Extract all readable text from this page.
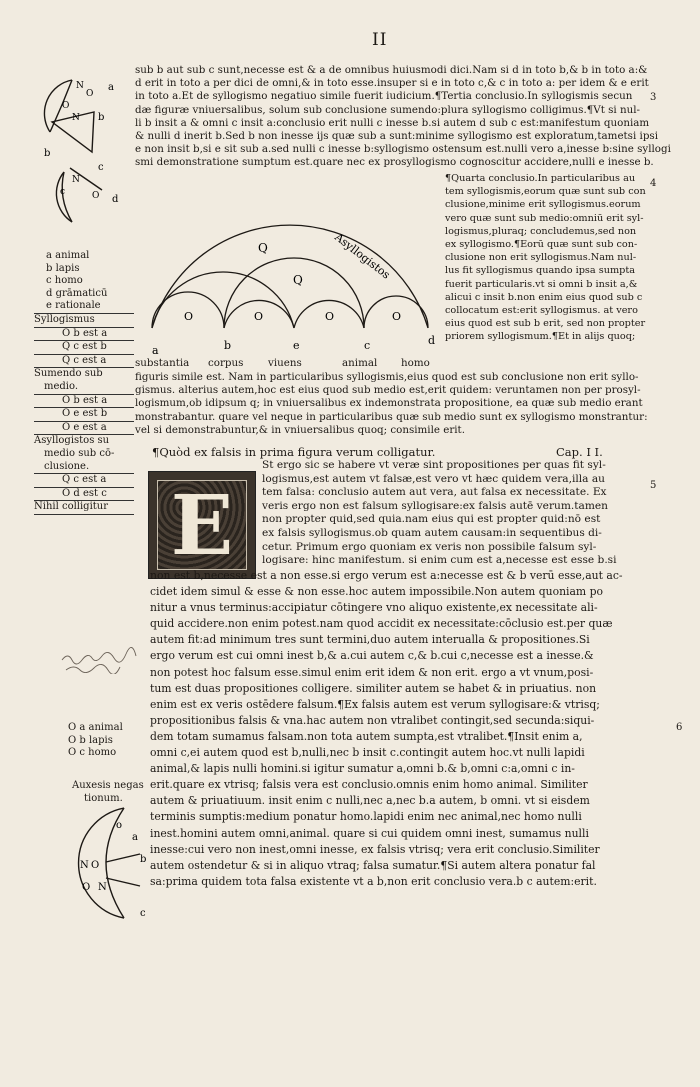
II
3
4
5
6
sub b aut sub c sunt,necesse est & a de omnibus huiusmodi dici.Nam si d in toto b,& b in toto a:&
d erit in toto a per dici de omni,& in toto esse.insuper si e in toto c,& c in toto a: per idem & e erit
in toto a.Et de syllogismo negatiuo simile fuerit iudicium.¶Tertia conclusio.In syllogismis secun
dæ figuræ vniuersalibus, solum sub conclusione sumendo:plura syllogismo colligimus.¶Vt si nul-
li b insit a & omni c insit a:conclusio erit nulli c inesse b.si autem d sub c est:manifestum quoniam
& nulli d inerit b.Sed b non inesse ijs quæ sub a sunt:minime syllogismo est exploratum,tametsi ipsi
e non insit b,si e sit sub a.sed nulli c inesse b:syllogismo ostensum est.nulli vero a,inesse b:sine syllogi
smi demonstratione sumptum est.quare nec ex prosyllogismo cognoscitur accidere,nulli e inesse b.
Asyllogistos
Q
Q
O	O	O	O
a	b	e	c	d
substantia corpus viuens	animal homo
¶Quarta conclusio.In particularibus au
tem syllogismis,eorum quæ sunt sub con
clusione,minime erit syllogismus.eorum
vero quæ sunt sub medio:omniū erit syl-
logismus,pluraq; concludemus,sed non
ex syllogismo.¶Eorū quæ sunt sub con-
clusione non erit syllogismus.Nam nul-
lus fit syllogismus quando ipsa sumpta
fuerit particularis.vt si omni b insit a,&
alicui c insit b.non enim eius quod sub c
collocatum est:erit syllogismus. at vero
eius quod est sub b erit, sed non propter
priorem syllogismum.¶Et in alijs quoq;
figuris simile est. Nam in particularibus syllogismis,eius quod est sub conclusione non erit syllo-
gismus. alterius autem,hoc est eius quod sub medio est,erit quidem: veruntamen non per prosyl-
logismum,ob idipsum q; in vniuersalibus ex indemonstrata propositione, ea quæ sub medio erant
monstrabantur. quare vel neque in particularibus quæ sub medio sunt ex syllogismo monstrantur:
vel si demonstrabuntur,& in vniuersalibus quoq; consimile erit.
¶Quòd ex falsis in prima figura verum colligatur.	Cap. I I.
E
St ergo sic se habere vt veræ sint propositiones per quas fit syl-
logismus,est autem vt falsæ,est vero vt hæc quidem vera,illa au
tem falsa: conclusio autem aut vera, aut falsa ex necessitate. Ex
veris ergo non est falsum syllogisare:ex falsis autē verum.tamen
non propter quid,sed quia.nam eius qui est propter quid:nō est
ex falsis syllogismus.ob quam autem causam:in sequentibus di-
cetur. Primum ergo quoniam ex veris non possibile falsum syl-
logisare: hinc manifestum. si enim cum est a,necesse est esse b.si
non est b,necesse est a non esse.si ergo verum est a:necesse est & b verū esse,aut ac-
cidet idem simul & esse & non esse.hoc autem impossibile.Non autem quoniam po
nitur a vnus terminus:accipiatur cōtingere vno aliquo existente,ex necessitate ali-
quid accidere.non enim potest.nam quod accidit ex necessitate:cōclusio est.per quæ
autem fit:ad minimum tres sunt termini,duo autem interualla & propositiones.Si
ergo verum est cui omni inest b,& a.cui autem c,& b.cui c,necesse est a inesse.&
non potest hoc falsum esse.simul enim erit idem & non erit. ergo a vt vnum,posi-
tum est duas propositiones colligere. similiter autem se habet & in priuatius. non
enim est ex veris ostēdere falsum.¶Ex falsis autem est verum syllogisare:& vtrisq;
propositionibus falsis & vna.hac autem non vtralibet contingit,sed secunda:siqui-
dem totam sumamus falsam.non tota autem sumpta,est vtralibet.¶Insit enim a,
omni c,ei autem quod est b,nulli,nec b insit c.contingit autem hoc.vt nulli lapidi
animal,& lapis nulli homini.si igitur sumatur a,omni b.& b,omni c:a,omni c in-
erit.quare ex vtrisq; falsis vera est conclusio.omnis enim homo animal. Similiter
autem & priuatiuum. insit enim c nulli,nec a,nec b.a autem, b omni. vt si eisdem
terminis sumptis:medium ponatur homo.lapidi enim nec animal,nec homo nulli
inest.homini autem omni,animal. quare si cui quidem omni inest, sumamus nulli
inesse:cui vero non inest,omni inesse, ex falsis vtrisq; vera erit conclusio.Similiter
autem ostendetur & si in aliquo vtraq; falsa sumatur.¶Si autem altera ponatur fal
sa:prima quidem tota falsa existente vt a b,non erit conclusio vera.b c autem:erit.
N
O
O
N
b
c
N
c	O d
a
b
a animal
b lapis
c homo
d grāmaticū
e rationale
Syllogismus
O b est a
Q c est b
Q c est a
Sumendo sub
medio.
O b est a
O e est b
O e est a
Asyllogistos su
medio sub cō-
clusione.
Q c est a
O d est c
Nihil colligitur
O a animal
O b lapis
O c homo
Auxesis negas
tionum.
o
N O
O N
b
c
a
